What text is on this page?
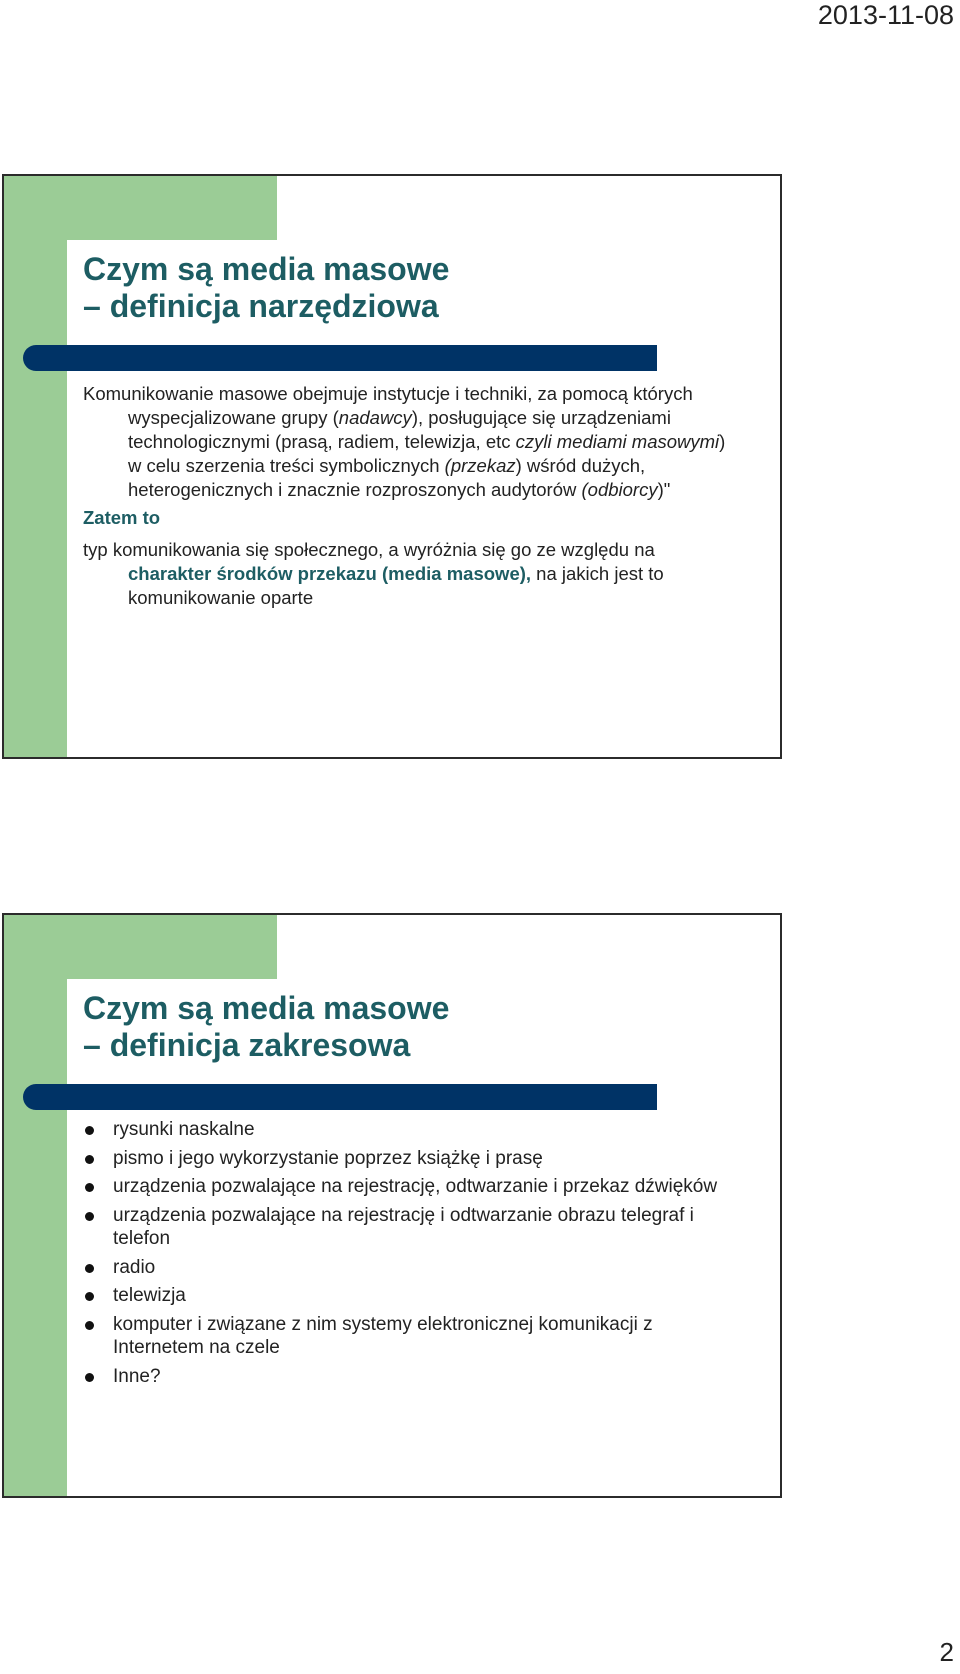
2013-11-08
Czym są media masowe
– definicja narzędziowa

Komunikowanie masowe obejmuje instytucje i techniki, za pomocą których wyspecjalizowane grupy (nadawcy), posługujące się urządzeniami technologicznymi (prasą, radiem, telewizja, etc czyli mediami masowymi) w celu szerzenia treści symbolicznych (przekaz) wśród dużych, heterogenicznych i znacznie rozproszonych audytorów (odbiorcy)"

Zatem to

typ komunikowania się społecznego, a wyróżnia się go ze względu na charakter środków przekazu (media masowe), na jakich jest to komunikowanie oparte

Czym są media masowe
– definicja zakresowa
rysunki naskalne
pismo i jego wykorzystanie poprzez książkę i prasę
urządzenia pozwalające na rejestrację, odtwarzanie i przekaz dźwięków
urządzenia pozwalające na rejestrację i odtwarzanie obrazu telegraf i telefon
radio
telewizja
komputer i związane z nim systemy elektronicznej komunikacji z Internetem na czele
Inne?
2
